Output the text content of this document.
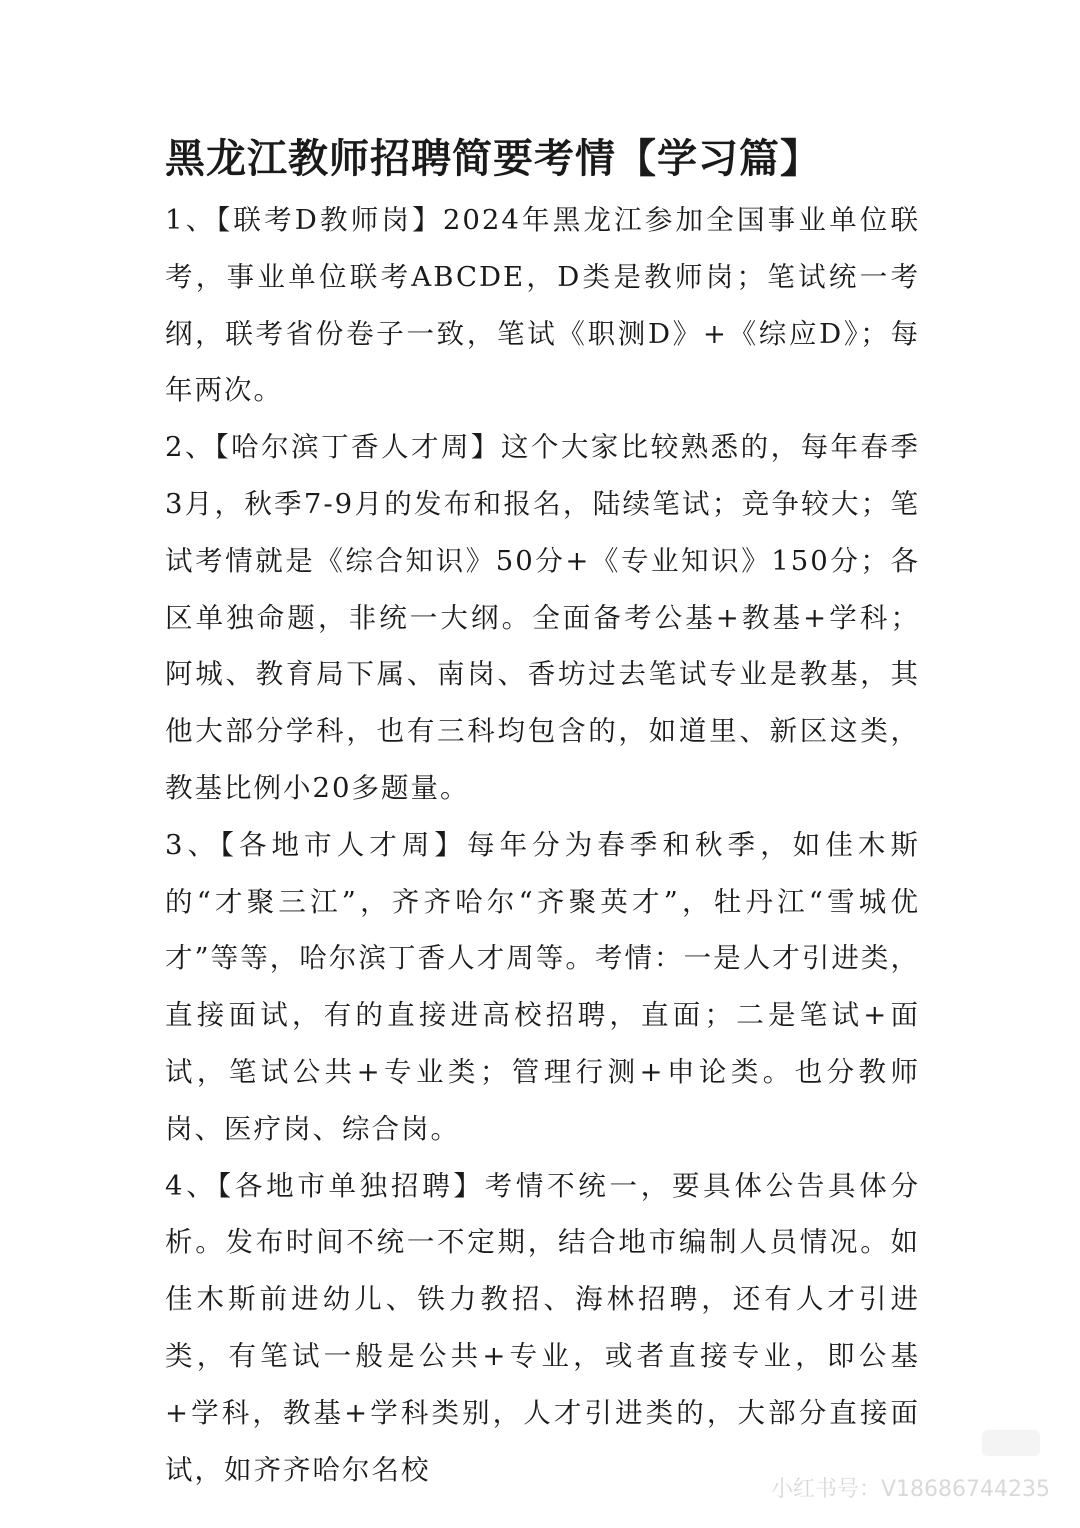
黑龙江教师招聘简要考情【学习篇】

1、【联考D教师岗】2024年黑龙江参加全国事业单位联考，事业单位联考ABCDE，D类是教师岗；笔试统一考纲，联考省份卷子一致，笔试《职测D》+《综应D》；每年两次。

2、【哈尔滨丁香人才周】这个大家比较熟悉的，每年春季3月，秋季7-9月的发布和报名，陆续笔试；竞争较大；笔试考情就是《综合知识》50分+《专业知识》150分；各区单独命题，非统一大纲。全面备考公基+教基+学科；阿城、教育局下属、南岗、香坊过去笔试专业是教基，其他大部分学科，也有三科均包含的，如道里、新区这类，教基比例小20多题量。

3、【各地市人才周】每年分为春季和秋季，如佳木斯的“才聚三江”，齐齐哈尔“齐聚英才”，牡丹江“雪城优才”等等，哈尔滨丁香人才周等。考情：一是人才引进类，直接面试，有的直接进高校招聘，直面；二是笔试+面试，笔试公共+专业类；管理行测+申论类。也分教师岗、医疗岗、综合岗。

4、【各地市单独招聘】考情不统一，要具体公告具体分析。发布时间不统一不定期，结合地市编制人员情况。如佳木斯前进幼儿、铁力教招、海林招聘，还有人才引进类，有笔试一般是公共+专业，或者直接专业，即公基+学科，教基+学科类别，人才引进类的，大部分直接面试，如齐齐哈尔名校

小红书号：V18686744235
